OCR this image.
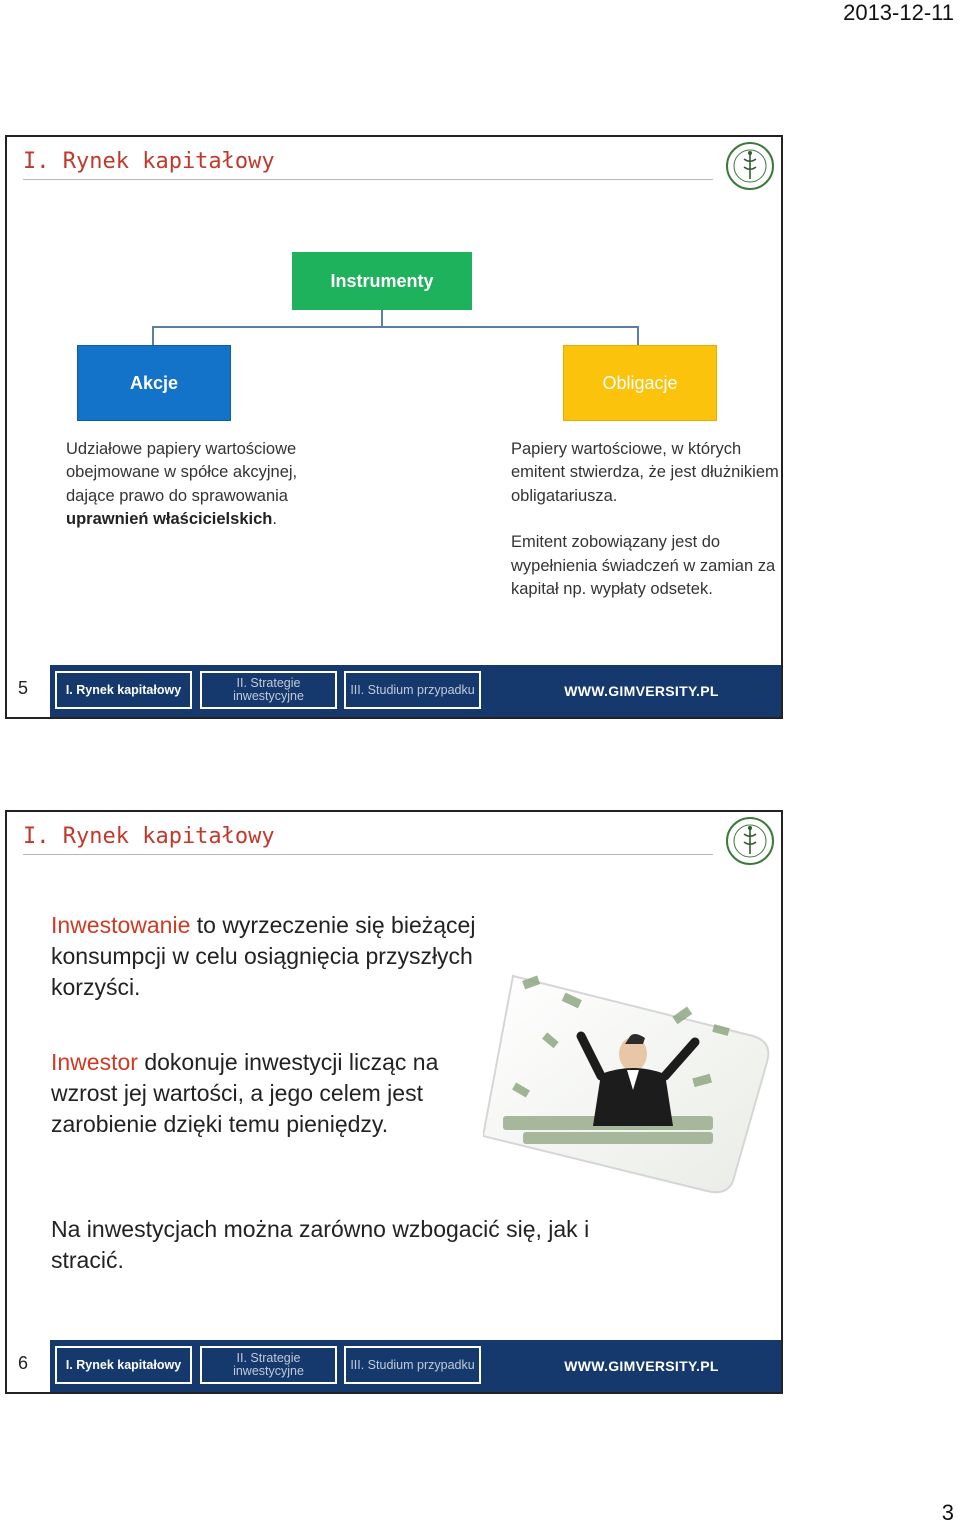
2013-12-11
I. Rynek kapitałowy
Instrumenty
Akcje	Obligacje
Udziałowe papiery wartościowe obejmowane w spółce akcyjnej, dające prawo do sprawowania uprawnień właścicielskich.

Papiery wartościowe, w których emitent stwierdza, że jest dłużnikiem obligatariusza.

Emitent zobowiązany jest do wypełnienia świadczeń w zamian za kapitał np. wypłaty odsetek.

5	I. Rynek kapitałowy	II. Strategie inwestycyjne	III. Studium przypadku	WWW.GIMVERSITY.PL
I. Rynek kapitałowy
Inwestowanie to wyrzeczenie się bieżącej konsumpcji w celu osiągnięcia przyszłych korzyści.
Inwestor dokonuje inwestycji licząc na wzrost jej wartości, a jego celem jest zarobienie dzięki temu pieniędzy.
Na inwestycjach można zarówno wzbogacić się, jak i stracić.
6	I. Rynek kapitałowy	II. Strategie inwestycyjne	III. Studium przypadku	WWW.GIMVERSITY.PL
3
